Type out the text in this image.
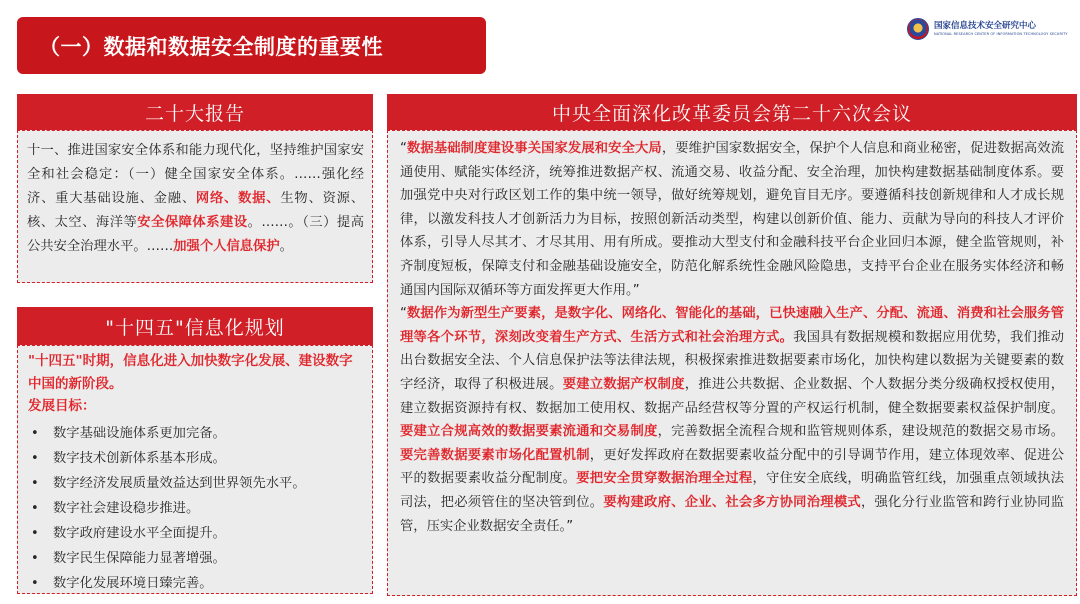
（一）数据和数据安全制度的重要性
国家信息技术安全研究中心
NATIONAL RESEARCH CENTER OF INFORMATION TECHNOLOGY SECURITY
二十大报告

十一、推进国家安全体系和能力现代化，坚持维护国家安全和社会稳定：（一）健全国家安全体系。……强化经济、重大基础设施、金融、网络、数据、生物、资源、核、太空、海洋等安全保障体系建设。……。（三）提高公共安全治理水平。……加强个人信息保护。

"十四五"信息化规划
"十四五"时期，信息化进入加快数字化发展、建设数字中国的新阶段。
发展目标：
• 数字基础设施体系更加完备。
• 数字技术创新体系基本形成。
• 数字经济发展质量效益达到世界领先水平。
• 数字社会建设稳步推进。
• 数字政府建设水平全面提升。
• 数字民生保障能力显著增强。
• 数字化发展环境日臻完善。
中央全面深化改革委员会第二十六次会议

“数据基础制度建设事关国家发展和安全大局，要维护国家数据安全，保护个人信息和商业秘密，促进数据高效流通使用、赋能实体经济，统筹推进数据产权、流通交易、收益分配、安全治理，加快构建数据基础制度体系。要加强党中央对行政区划工作的集中统一领导，做好统筹规划，避免盲目无序。要遵循科技创新规律和人才成长规律，以激发科技人才创新活力为目标，按照创新活动类型，构建以创新价值、能力、贡献为导向的科技人才评价体系，引导人尽其才、才尽其用、用有所成。要推动大型支付和金融科技平台企业回归本源，健全监管规则，补齐制度短板，保障支付和金融基础设施安全，防范化解系统性金融风险隐患，支持平台企业在服务实体经济和畅通国内国际双循环等方面发挥更大作用。”

“数据作为新型生产要素，是数字化、网络化、智能化的基础，已快速融入生产、分配、流通、消费和社会服务管理等各个环节，深刻改变着生产方式、生活方式和社会治理方式。我国具有数据规模和数据应用优势，我们推动出台数据安全法、个人信息保护法等法律法规，积极探索推进数据要素市场化，加快构建以数据为关键要素的数字经济，取得了积极进展。要建立数据产权制度，推进公共数据、企业数据、个人数据分类分级确权授权使用，建立数据资源持有权、数据加工使用权、数据产品经营权等分置的产权运行机制，健全数据要素权益保护制度。要建立合规高效的数据要素流通和交易制度，完善数据全流程合规和监管规则体系，建设规范的数据交易市场。要完善数据要素市场化配置机制，更好发挥政府在数据要素收益分配中的引导调节作用，建立体现效率、促进公平的数据要素收益分配制度。要把安全贯穿数据治理全过程，守住安全底线，明确监管红线，加强重点领域执法司法，把必须管住的坚决管到位。要构建政府、企业、社会多方协同治理模式，强化分行业监管和跨行业协同监管，压实企业数据安全责任。”
